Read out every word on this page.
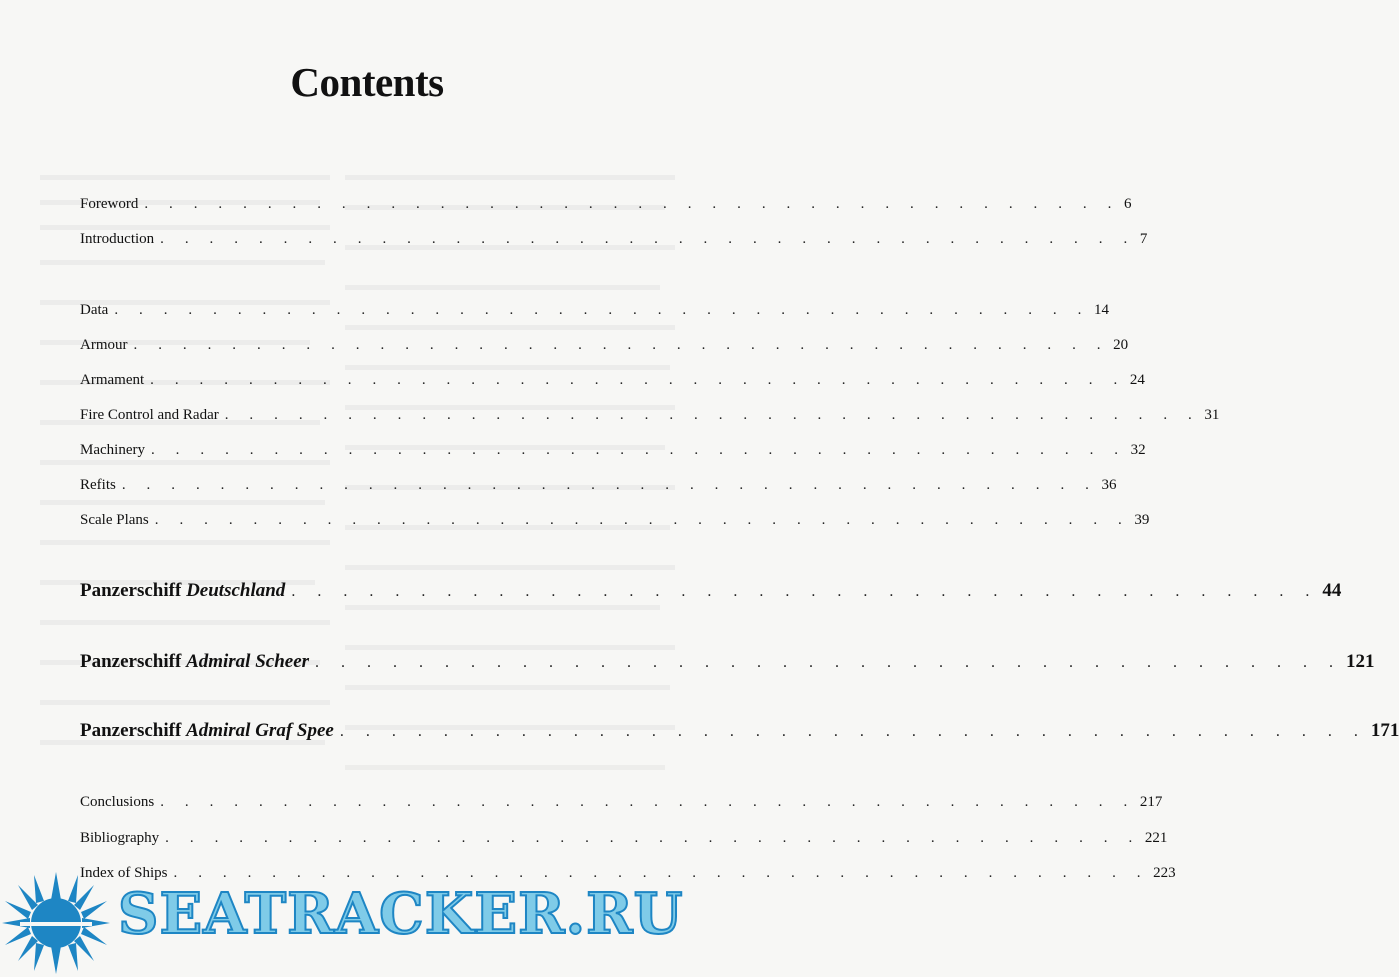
Contents
Foreword . . . . . . . . . . . . . . . . . . . . . . . . . . . . . . . . . . . . . . . . 6
Introduction . . . . . . . . . . . . . . . . . . . . . . . . . . . . . . . . . . . . . . . . 7
Data . . . . . . . . . . . . . . . . . . . . . . . . . . . . . . . . . . . . . . . . 14
Armour . . . . . . . . . . . . . . . . . . . . . . . . . . . . . . . . . . . . . . . . 20
Armament . . . . . . . . . . . . . . . . . . . . . . . . . . . . . . . . . . . . . . . . 24
Fire Control and Radar . . . . . . . . . . . . . . . . . . . . . . . . . . . . . . . . . . . . . . . . 31
Machinery . . . . . . . . . . . . . . . . . . . . . . . . . . . . . . . . . . . . . . . . 32
Refits . . . . . . . . . . . . . . . . . . . . . . . . . . . . . . . . . . . . . . . . 36
Scale Plans . . . . . . . . . . . . . . . . . . . . . . . . . . . . . . . . . . . . . . . . 39
Panzerschiff Deutschland . . . . . . . . . . . . . . . . . . . . . . . . . . . . . . . . . . . . . . . . 44
Panzerschiff Admiral Scheer . . . . . . . . . . . . . . . . . . . . . . . . . . . . . . . . . . . . . . . . 121
Panzerschiff Admiral Graf Spee . . . . . . . . . . . . . . . . . . . . . . . . . . . . . . . . . . . . . . . . 171
Conclusions . . . . . . . . . . . . . . . . . . . . . . . . . . . . . . . . . . . . . . . . 217
Bibliography . . . . . . . . . . . . . . . . . . . . . . . . . . . . . . . . . . . . . . . . 221
Index of Ships . . . . . . . . . . . . . . . . . . . . . . . . . . . . . . . . . . . . . . . . 223
SEATRACKER.RU
